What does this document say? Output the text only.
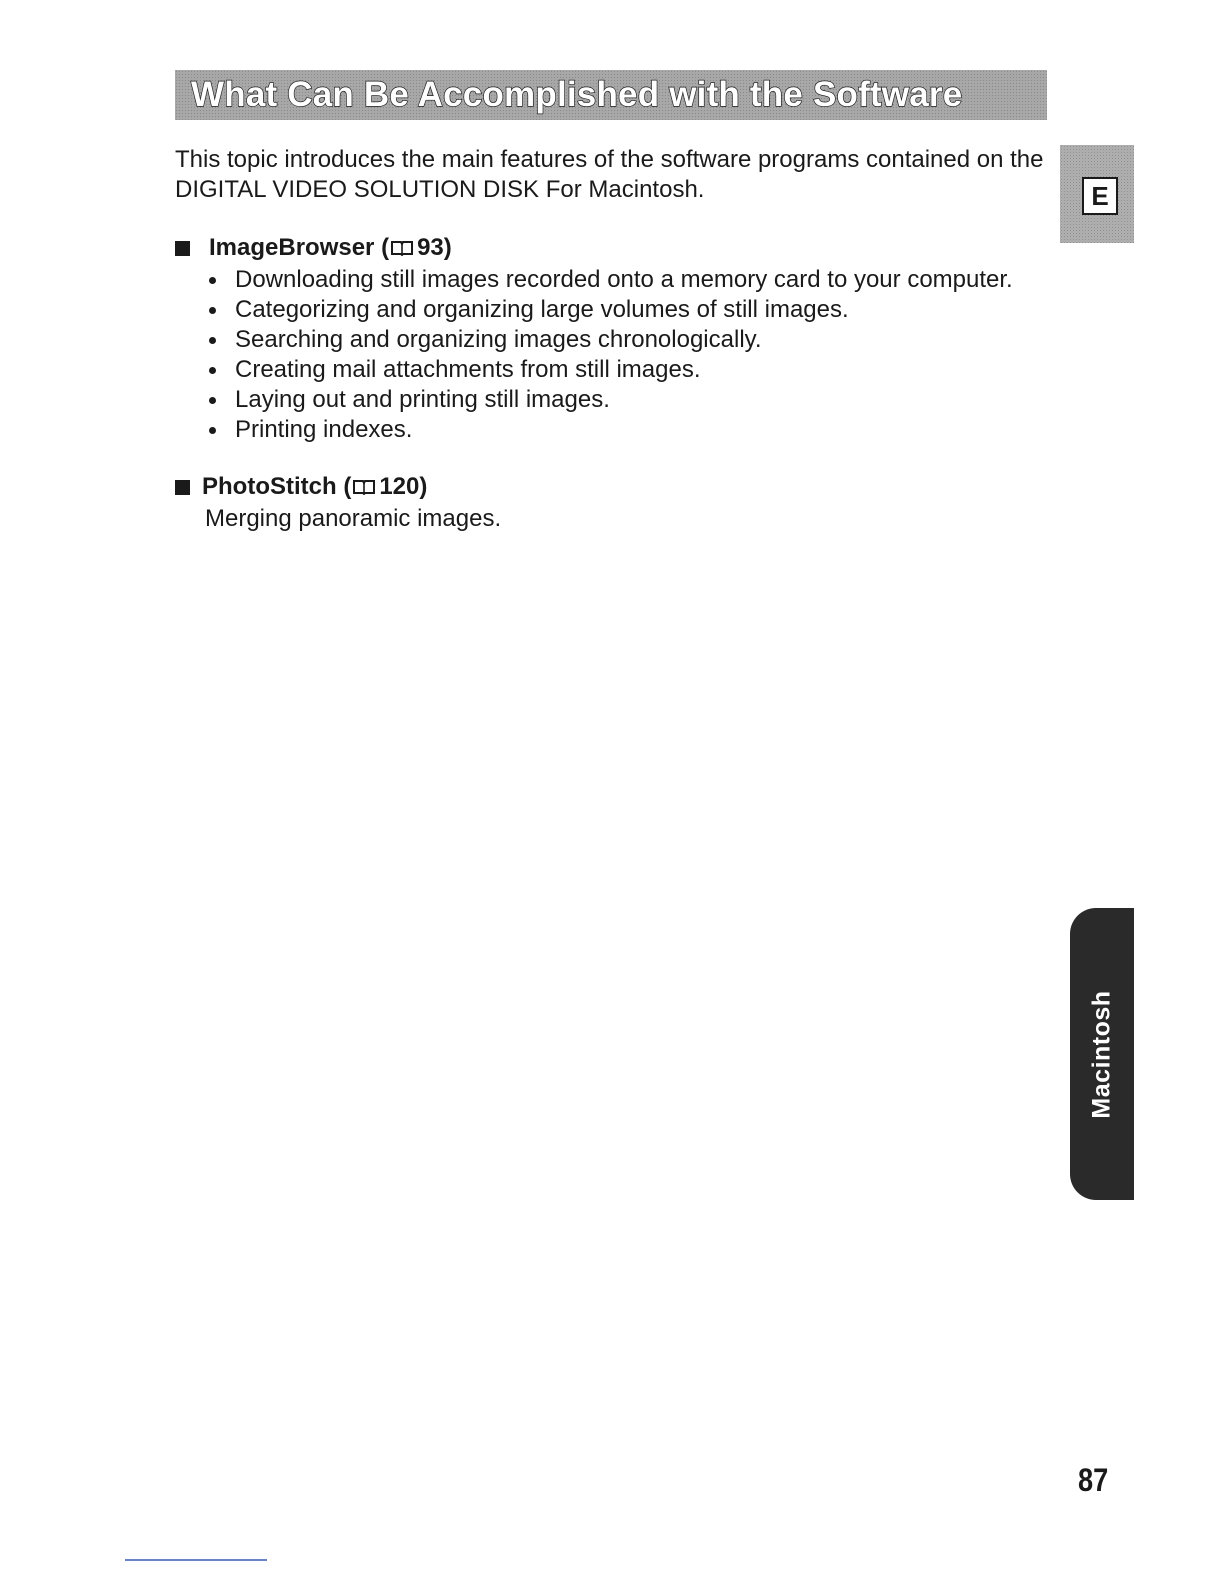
What Can Be Accomplished with the Software

This topic introduces the main features of the software programs contained on the DIGITAL VIDEO SOLUTION DISK For Macintosh.	E
ImageBrowser ( 93)
Downloading still images recorded onto a memory card to your computer.
Categorizing and organizing large volumes of still images.
Searching and organizing images chronologically.
Creating mail attachments from still images.
Laying out and printing still images.
Printing indexes.
PhotoStitch ( 120)

Merging panoramic images.

Macintosh
87
